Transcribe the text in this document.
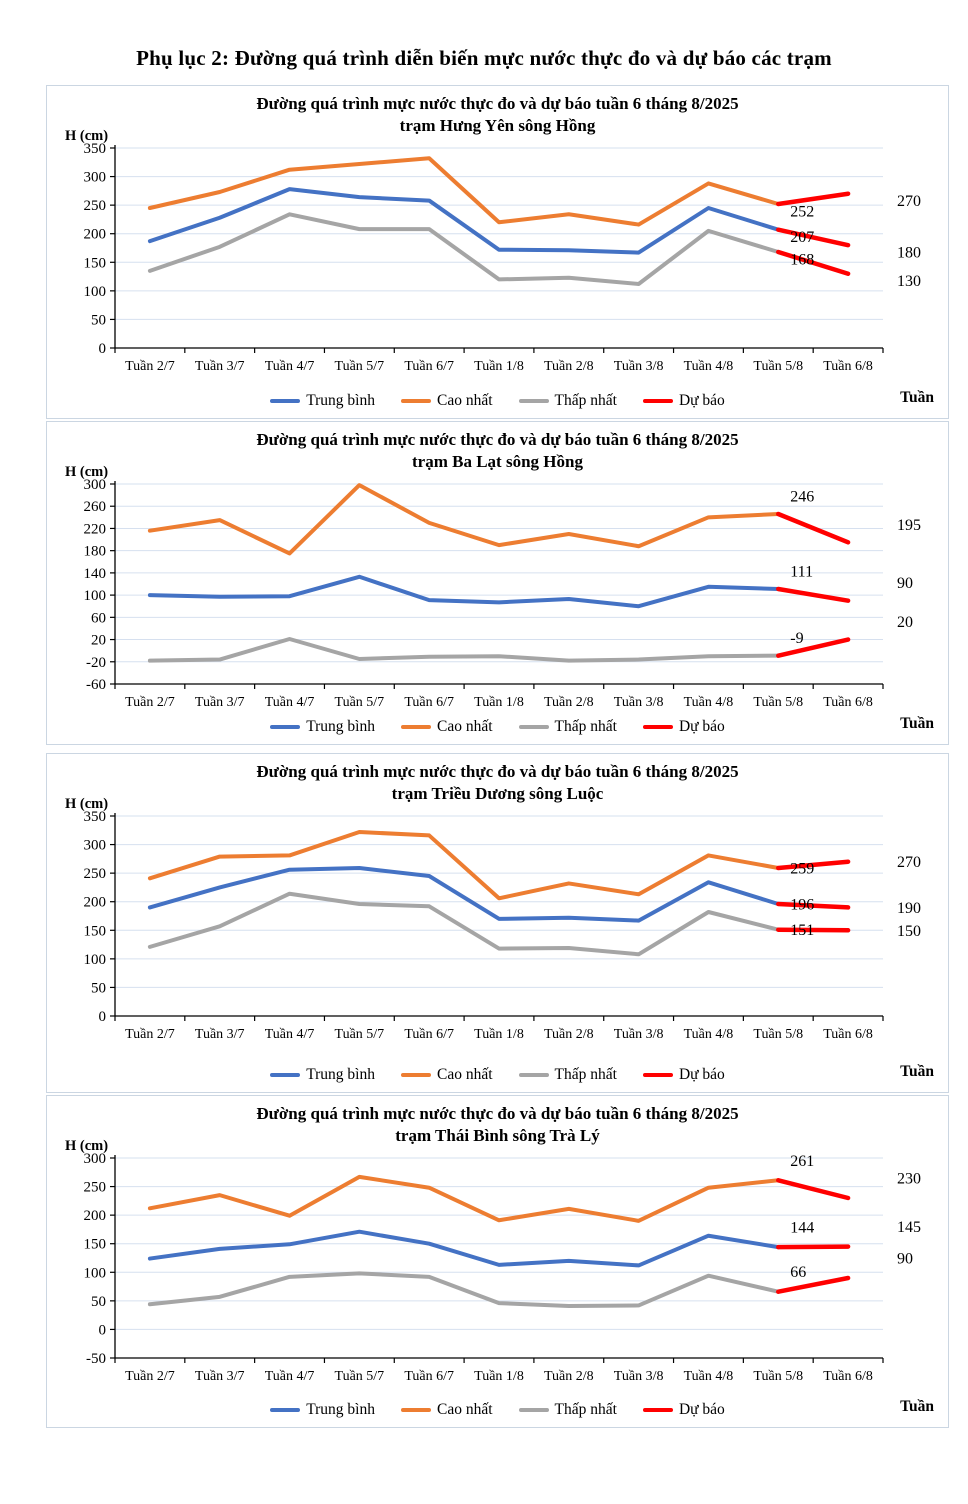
Phụ lục 2: Đường quá trình diễn biến mực nước thực đo và dự báo các trạm
Đường quá trình mực nước thực đo và dự báo tuần 6 tháng 8/2025
trạm Hưng Yên sông Hồng
H (cm)
0
50
100
150
200
250
300
350
Tuần 2/7 Tuần 3/7 Tuần 4/7 Tuần 5/7 Tuần 6/7 Tuần 1/8 Tuần 2/8 Tuần 3/8 Tuần 4/8 Tuần 5/8 Tuần 6/8
252
270
207
180
168
130
Trung bình	Cao nhất	Thấp nhất	Dự báo	Tuần
Đường quá trình mực nước thực đo và dự báo tuần 6 tháng 8/2025
trạm Ba Lạt sông Hồng
H (cm)
-60
-20
20
60
100
140
180
220
260
300
Tuần 2/7 Tuần 3/7 Tuần 4/7 Tuần 5/7 Tuần 6/7 Tuần 1/8 Tuần 2/8 Tuần 3/8 Tuần 4/8 Tuần 5/8 Tuần 6/8
246
195
111
90
-9
20
Trung bình	Cao nhất	Thấp nhất	Dự báo	Tuần
Đường quá trình mực nước thực đo và dự báo tuần 6 tháng 8/2025
trạm Triều Dương sông Luộc
H (cm)
0
50
100
150
200
250
300
350
Tuần 2/7 Tuần 3/7 Tuần 4/7 Tuần 5/7 Tuần 6/7 Tuần 1/8 Tuần 2/8 Tuần 3/8 Tuần 4/8 Tuần 5/8 Tuần 6/8
259	270
196	190
151	150
Trung bình	Cao nhất	Thấp nhất	Dự báo	Tuần
Đường quá trình mực nước thực đo và dự báo tuần 6 tháng 8/2025
trạm Thái Bình sông Trà Lý
H (cm)
-50
0
50
100
150
200
250
300
Tuần 2/7 Tuần 3/7 Tuần 4/7 Tuần 5/7 Tuần 6/7 Tuần 1/8 Tuần 2/8 Tuần 3/8 Tuần 4/8 Tuần 5/8 Tuần 6/8
261
230
144	145
66
90
Trung bình	Cao nhất	Thấp nhất	Dự báo	Tuần
